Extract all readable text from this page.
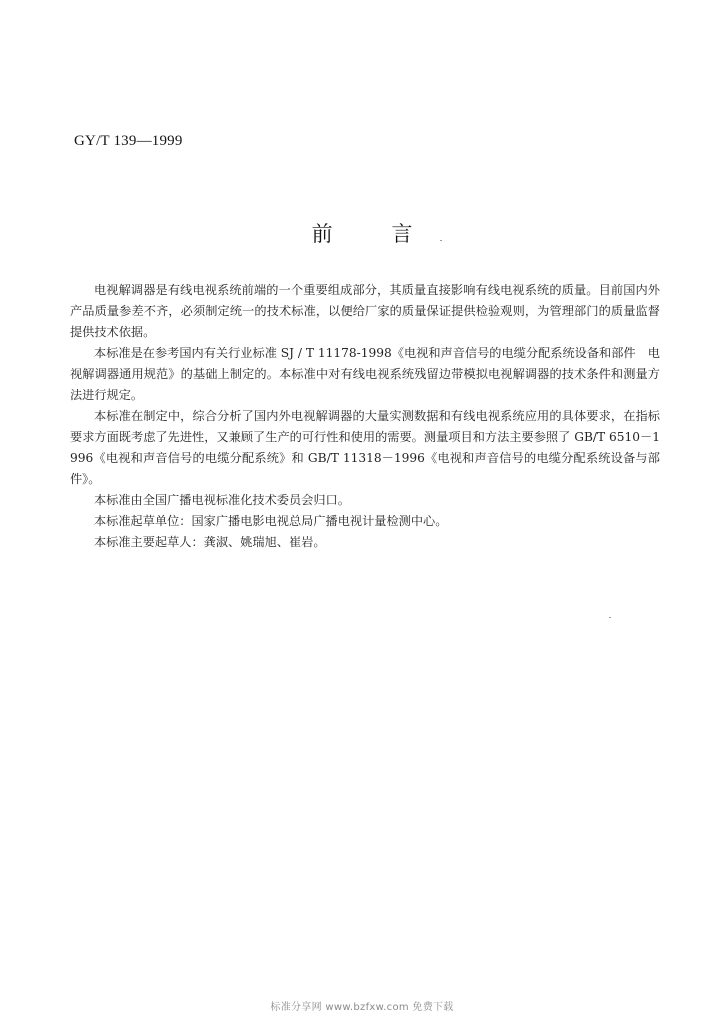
GY/T 139—1999
前 言

电视解调器是有线电视系统前端的一个重要组成部分，其质量直接影响有线电视系统的质量。目前国内外产品质量参差不齐，必须制定统一的技术标准，以便给厂家的质量保证提供检验观则，为管理部门的质量监督提供技术依据。

本标准是在参考国内有关行业标准 SJ / T 11178-1998《电视和声音信号的电缆分配系统设备和部件　电视解调器通用规范》的基础上制定的。本标准中对有线电视系统残留边带模拟电视解调器的技术条件和测量方法进行规定。

本标准在制定中，综合分析了国内外电视解调器的大量实测数据和有线电视系统应用的具体要求，在指标要求方面既考虑了先进性，又兼顾了生产的可行性和使用的需要。测量项目和方法主要参照了 GB/T 6510－1996《电视和声音信号的电缆分配系统》和 GB/T 11318－1996《电视和声音信号的电缆分配系统设备与部件》。

本标准由全国广播电视标准化技术委员会归口。

本标准起草单位：国家广播电影电视总局广播电视计量检测中心。

本标准主要起草人：龚淑、姚瑞旭、崔岩。

标准分享网 www.bzfxw.com 免费下载
